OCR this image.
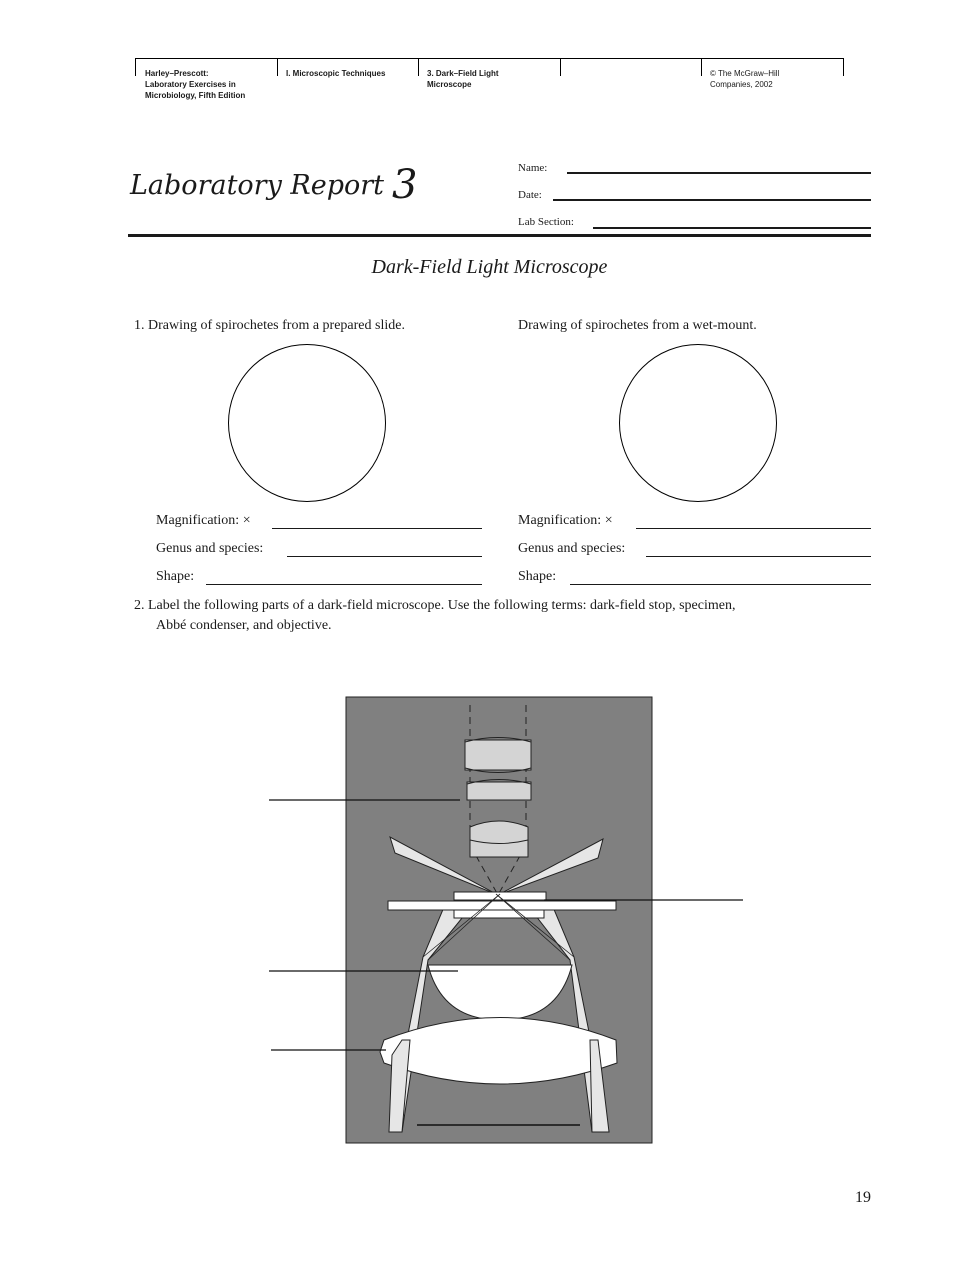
Harley–Prescott:
Laboratory Exercises in
Microbiology, Fifth Edition
I. Microscopic Techniques	3. Dark–Field Light
Microscope
© The McGraw–Hill
Companies, 2002
Laboratory Report 3	Name:
Date:
Lab Section:
Dark-Field Light Microscope
1. Drawing of spirochetes from a prepared slide.	Drawing of spirochetes from a wet-mount.
Magnification: ×	Magnification: ×
Genus and species:	Genus and species:
Shape:	Shape:
2. Label the following parts of a dark-field microscope. Use the following terms: dark-field stop, specimen,
Abbé condenser, and objective.
19
